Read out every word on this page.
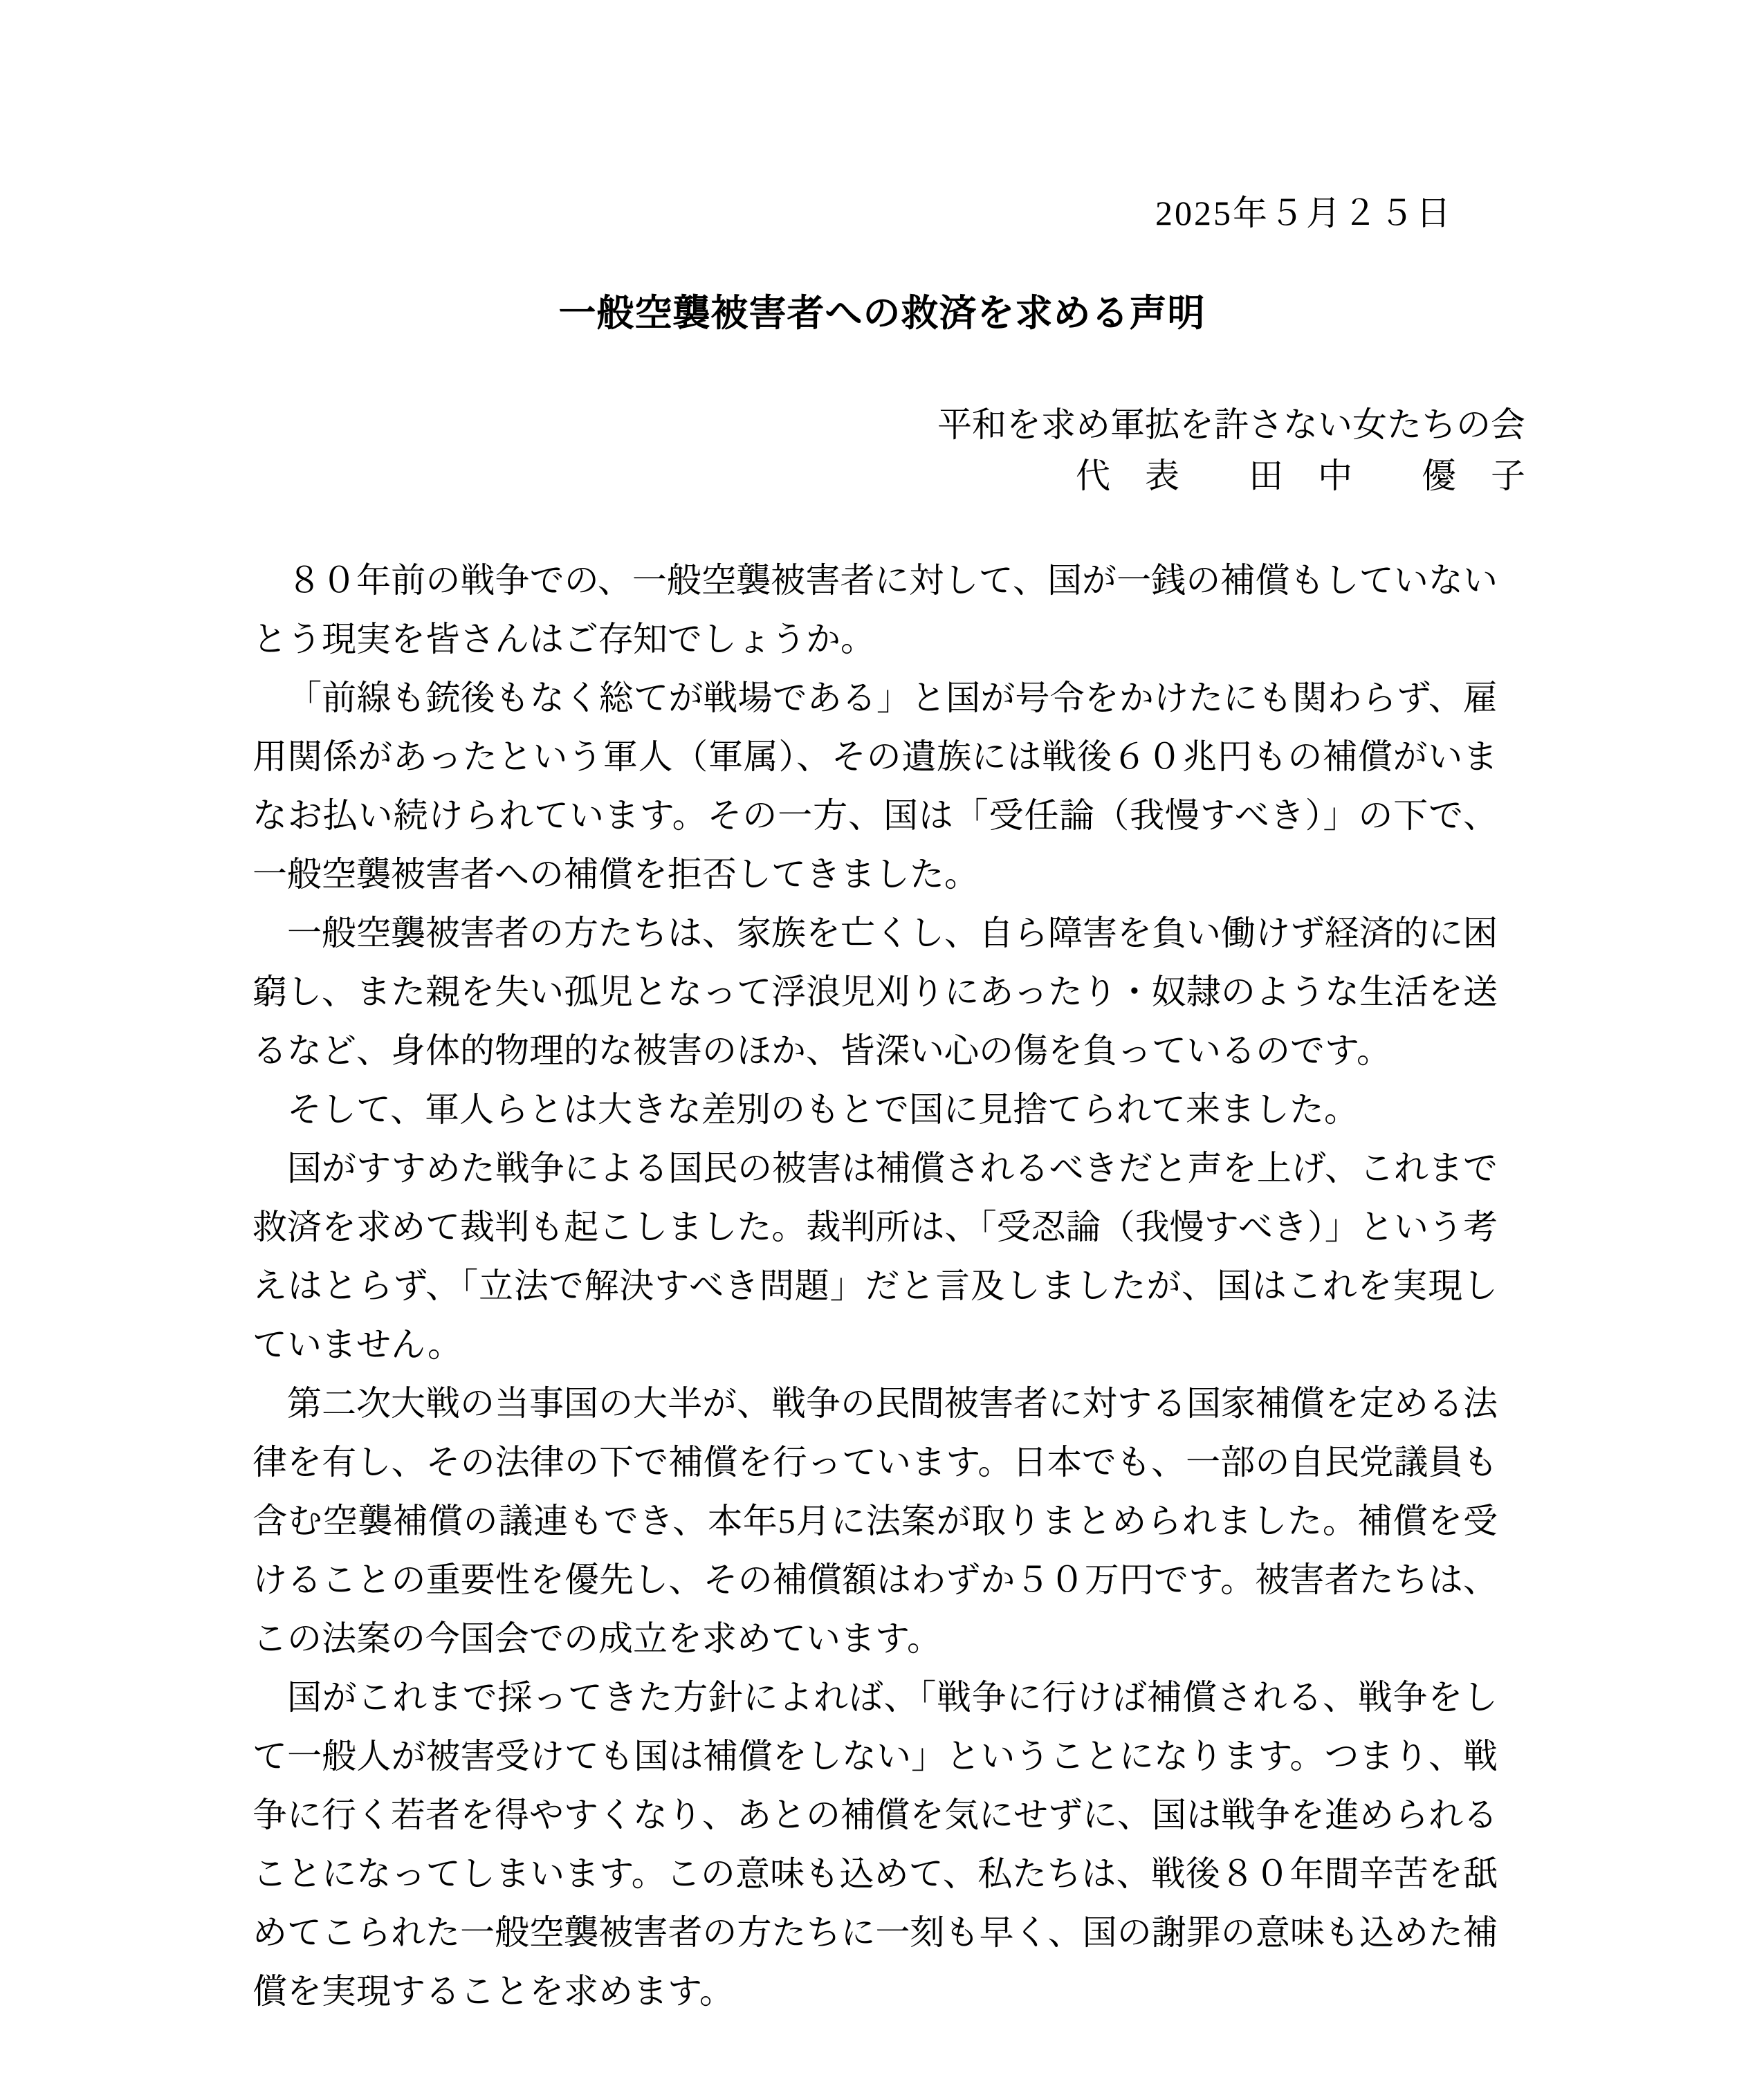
2025年５月２５日
一般空襲被害者への救済を求める声明
平和を求め軍拡を許さない女たちの会
代　表　　田　中　　優　子

８０年前の戦争での、一般空襲被害者に対して、国が一銭の補償もしていないとう現実を皆さんはご存知でしょうか。

「前線も銃後もなく総てが戦場である」と国が号令をかけたにも関わらず、雇用関係があったという軍人（軍属）、その遺族には戦後６０兆円もの補償がいまなお払い続けられています。その一方、国は「受任論（我慢すべき）」の下で、一般空襲被害者への補償を拒否してきました。

一般空襲被害者の方たちは、家族を亡くし、自ら障害を負い働けず経済的に困窮し、また親を失い孤児となって浮浪児刈りにあったり・奴隷のような生活を送るなど、身体的物理的な被害のほか、皆深い心の傷を負っているのです。

そして、軍人らとは大きな差別のもとで国に見捨てられて来ました。

国がすすめた戦争による国民の被害は補償されるべきだと声を上げ、これまで救済を求めて裁判も起こしました。裁判所は、「受忍論（我慢すべき）」という考えはとらず、「立法で解決すべき問題」だと言及しましたが、国はこれを実現していません。

第二次大戦の当事国の大半が、戦争の民間被害者に対する国家補償を定める法律を有し、その法律の下で補償を行っています。日本でも、一部の自民党議員も含む空襲補償の議連もでき、本年5月に法案が取りまとめられました。補償を受けることの重要性を優先し、その補償額はわずか５０万円です。被害者たちは、この法案の今国会での成立を求めています。

国がこれまで採ってきた方針によれば、「戦争に行けば補償される、戦争をして一般人が被害受けても国は補償をしない」ということになります。つまり、戦争に行く若者を得やすくなり、あとの補償を気にせずに、国は戦争を進められることになってしまいます。この意味も込めて、私たちは、戦後８０年間辛苦を舐めてこられた一般空襲被害者の方たちに一刻も早く、国の謝罪の意味も込めた補償を実現することを求めます。
